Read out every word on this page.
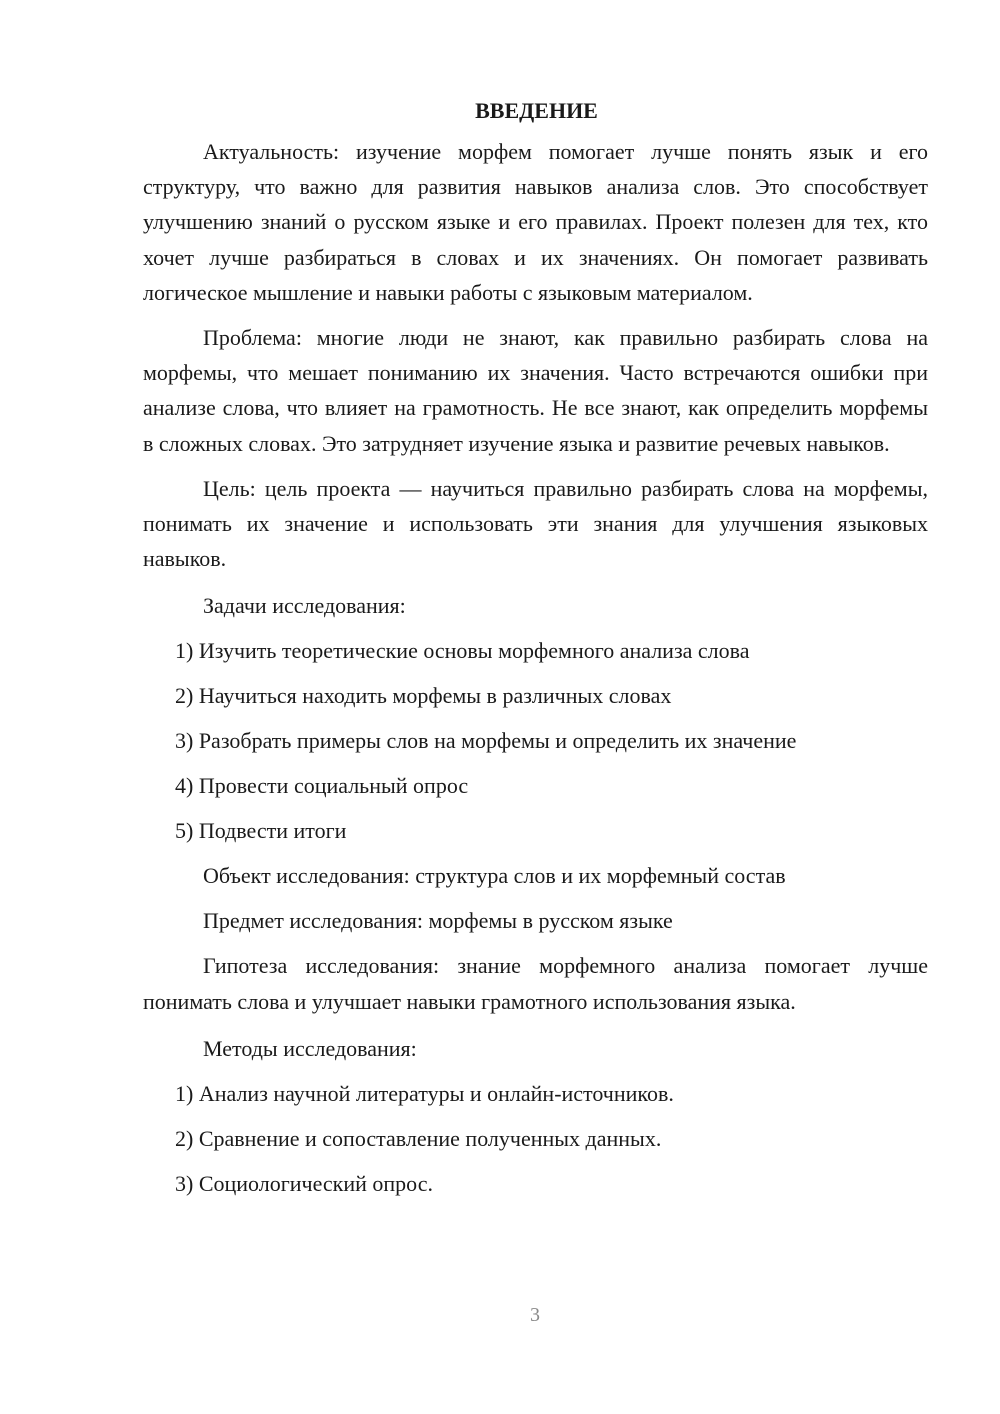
ВВЕДЕНИЕ

Актуальность: изучение морфем помогает лучше понять язык и его структуру, что важно для развития навыков анализа слов. Это способствует улучшению знаний о русском языке и его правилах. Проект полезен для тех, кто хочет лучше разбираться в словах и их значениях. Он помогает развивать логическое мышление и навыки работы с языковым материалом.

Проблема: многие люди не знают, как правильно разбирать слова на морфемы, что мешает пониманию их значения. Часто встречаются ошибки при анализе слова, что влияет на грамотность. Не все знают, как определить морфемы в сложных словах. Это затрудняет изучение языка и развитие речевых навыков.

Цель: цель проекта — научиться правильно разбирать слова на морфемы, понимать их значение и использовать эти знания для улучшения языковых навыков.

Задачи исследования:

1) Изучить теоретические основы морфемного анализа слова

2) Научиться находить морфемы в различных словах

3) Разобрать примеры слов на морфемы и определить их значение

4) Провести социальный опрос

5) Подвести итоги

Объект исследования: структура слов и их морфемный состав

Предмет исследования: морфемы в русском языке

Гипотеза исследования: знание морфемного анализа помогает лучше понимать слова и улучшает навыки грамотного использования языка.

Методы исследования:

1) Анализ научной литературы и онлайн-источников.

2) Сравнение и сопоставление полученных данных.

3) Социологический опрос.

3
